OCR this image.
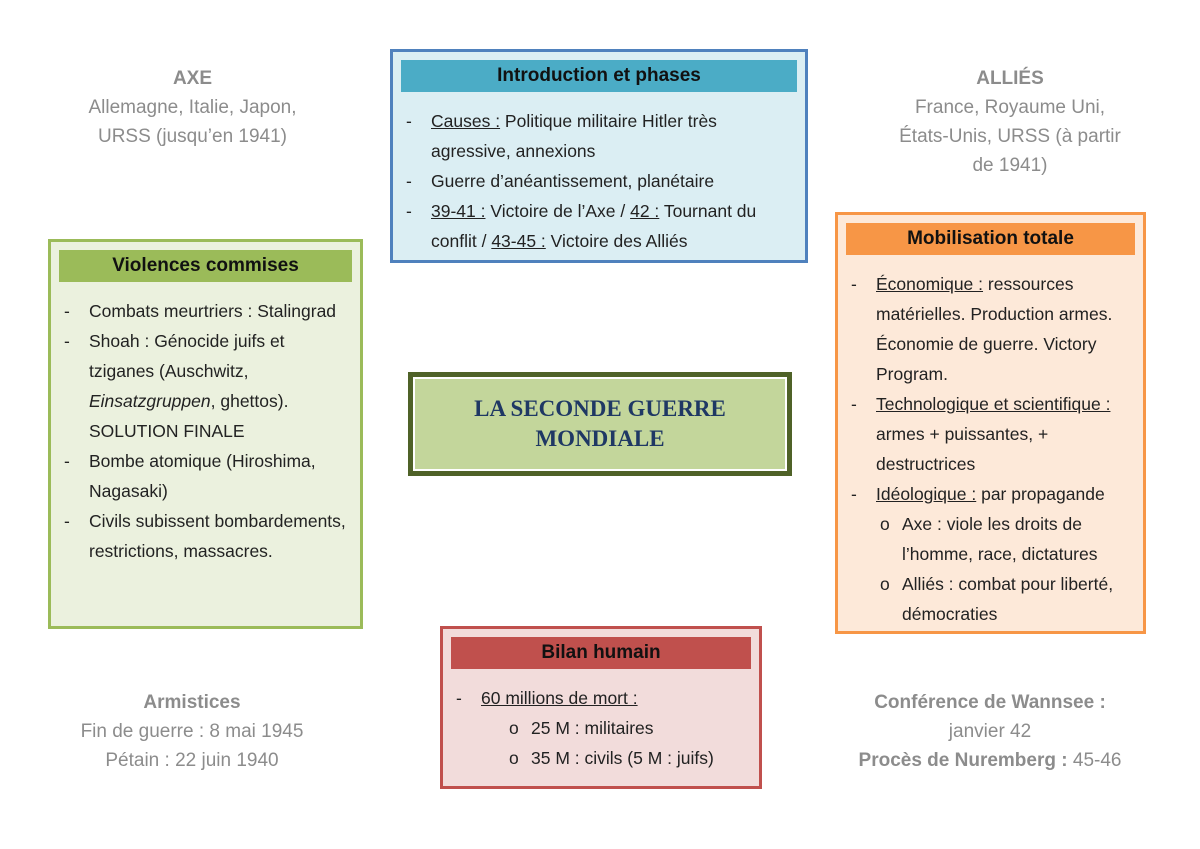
AXE
Allemagne, Italie, Japon,
URSS (jusqu’en 1941)
ALLIÉS
France, Royaume Uni,
États-Unis, URSS (à partir
de 1941)
Armistices
Fin de guerre : 8 mai 1945
Pétain : 22 juin 1940
Conférence de Wannsee :
janvier 42
Procès de Nuremberg : 45-46
Introduction et phases
- Causes : Politique militaire Hitler très agressive, annexions
- Guerre d’anéantissement, planétaire
- 39-41 : Victoire de l’Axe / 42 : Tournant du conflit / 43-45 : Victoire des Alliés
Violences commises
- Combats meurtriers : Stalingrad
- Shoah : Génocide juifs et tziganes (Auschwitz, Einsatzgruppen, ghettos). SOLUTION FINALE
- Bombe atomique (Hiroshima, Nagasaki)
- Civils subissent bombardements, restrictions, massacres.
LA SECONDE GUERRE MONDIALE
Mobilisation totale
- Économique : ressources matérielles. Production armes. Économie de guerre. Victory Program.
- Technologique et scientifique : armes + puissantes, + destructrices
- Idéologique : par propagande
o Axe : viole les droits de l’homme, race, dictatures
o Alliés : combat pour liberté, démocraties
Bilan humain
- 60 millions de mort :
o 25 M : militaires
o 35 M : civils (5 M : juifs)
